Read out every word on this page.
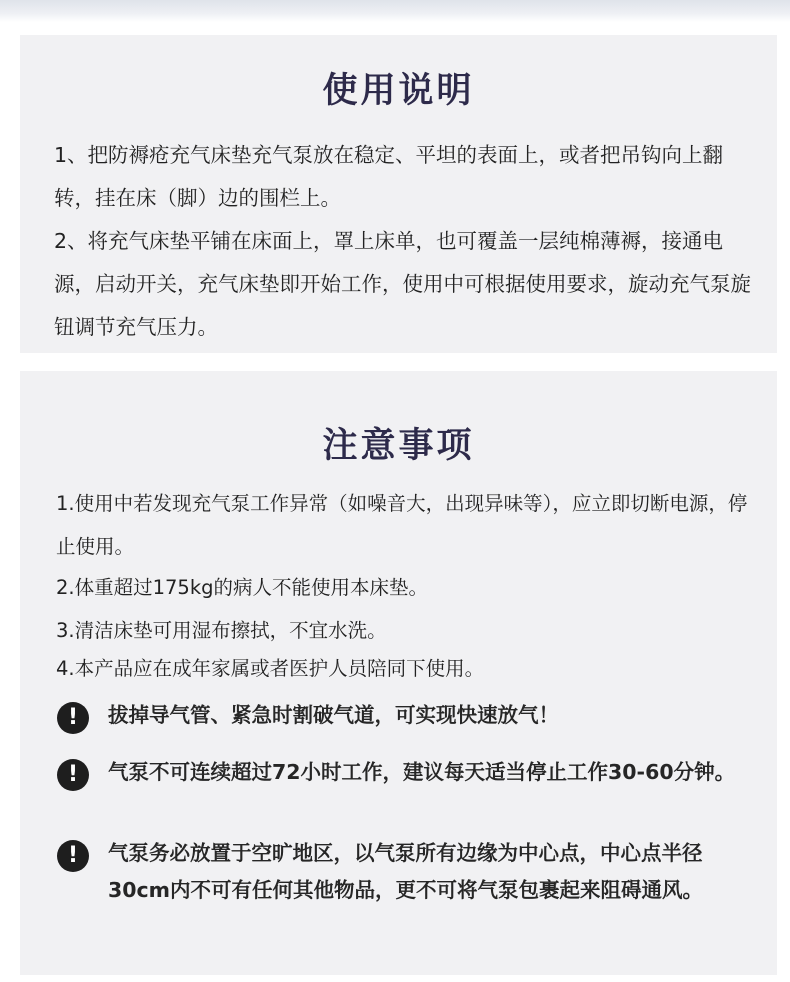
使用说明

1、把防褥疮充气床垫充气泵放在稳定、平坦的表面上，或者把吊钩向上翻转，挂在床（脚）边的围栏上。

2、将充气床垫平铺在床面上，罩上床单，也可覆盖一层纯棉薄褥，接通电源，启动开关，充气床垫即开始工作，使用中可根据使用要求，旋动充气泵旋钮调节充气压力。

注意事项

1.使用中若发现充气泵工作异常（如噪音大，出现异味等），应立即切断电源，停止使用。

2.体重超过175kg的病人不能使用本床垫。

3.清洁床垫可用湿布擦拭，不宜水洗。

4.本产品应在成年家属或者医护人员陪同下使用。

!	拔掉导气管、紧急时割破气道，可实现快速放气！

!	气泵不可连续超过72小时工作，建议每天适当停止工作30-60分钟。

!	气泵务必放置于空旷地区，以气泵所有边缘为中心点，中心点半径30cm内不可有任何其他物品，更不可将气泵包裹起来阻碍通风。
